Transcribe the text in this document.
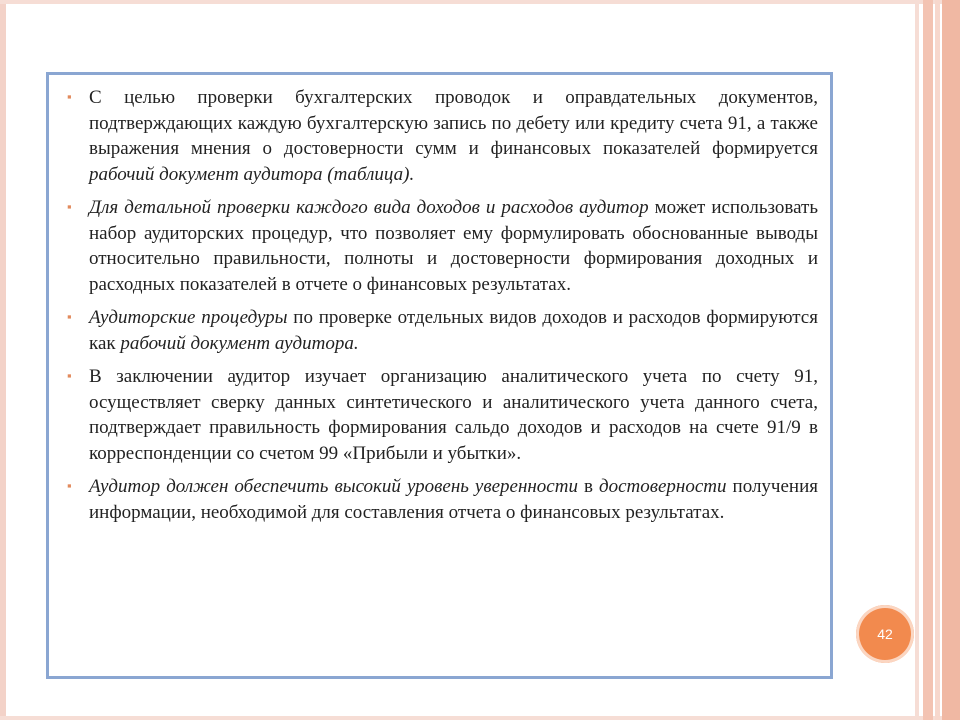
▪ С целью проверки бухгалтерских проводок и оправдательных документов, подтверждающих каждую бухгалтерскую запись по дебету или кредиту счета 91, а также выражения мнения о достоверности сумм и финансовых показателей формируется рабочий документ аудитора (таблица).
▪ Для детальной проверки каждого вида доходов и расходов аудитор может использовать набор аудиторских процедур, что позволяет ему формулировать обоснованные выводы относительно правильности, полноты и достоверности формирования доходных и расходных показателей в отчете о финансовых результатах.
▪ Аудиторские процедуры по проверке отдельных видов доходов и расходов формируются как рабочий документ аудитора.
▪ В заключении аудитор изучает организацию аналитического учета по счету 91, осуществляет сверку данных синтетического и аналитического учета данного счета, подтверждает правильность формирования сальдо доходов и расходов на счете 91/9 в корреспонденции со счетом 99 «Прибыли и убытки».
▪ Аудитор должен обеспечить высокий уровень уверенности в достоверности получения информации, необходимой для составления отчета о финансовых результатах.
42
